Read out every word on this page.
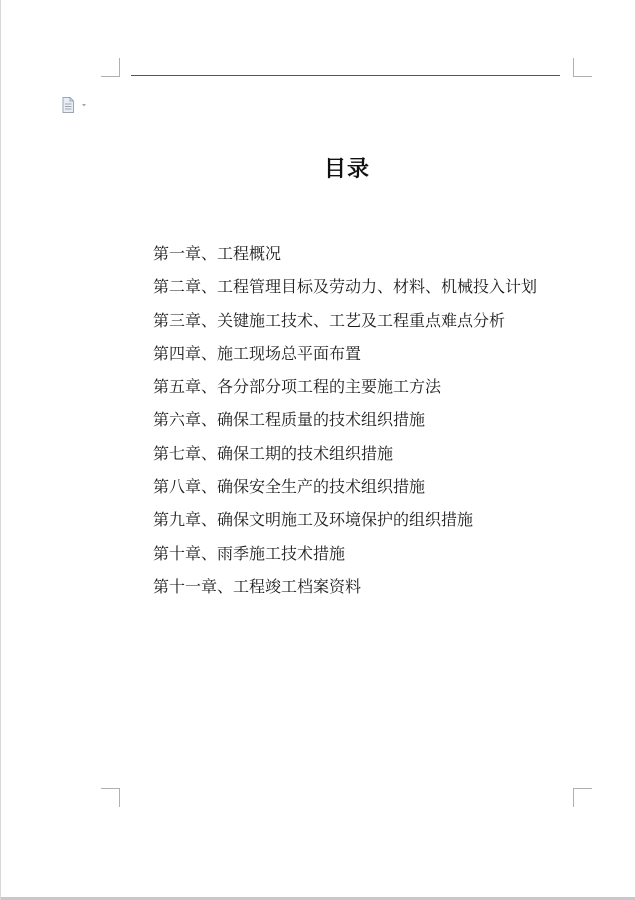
目录
第一章、工程概况
第二章、工程管理目标及劳动力、材料、机械投入计划
第三章、关键施工技术、工艺及工程重点难点分析
第四章、施工现场总平面布置
第五章、各分部分项工程的主要施工方法
第六章、确保工程质量的技术组织措施
第七章、确保工期的技术组织措施
第八章、确保安全生产的技术组织措施
第九章、确保文明施工及环境保护的组织措施
第十章、雨季施工技术措施
第十一章、工程竣工档案资料
